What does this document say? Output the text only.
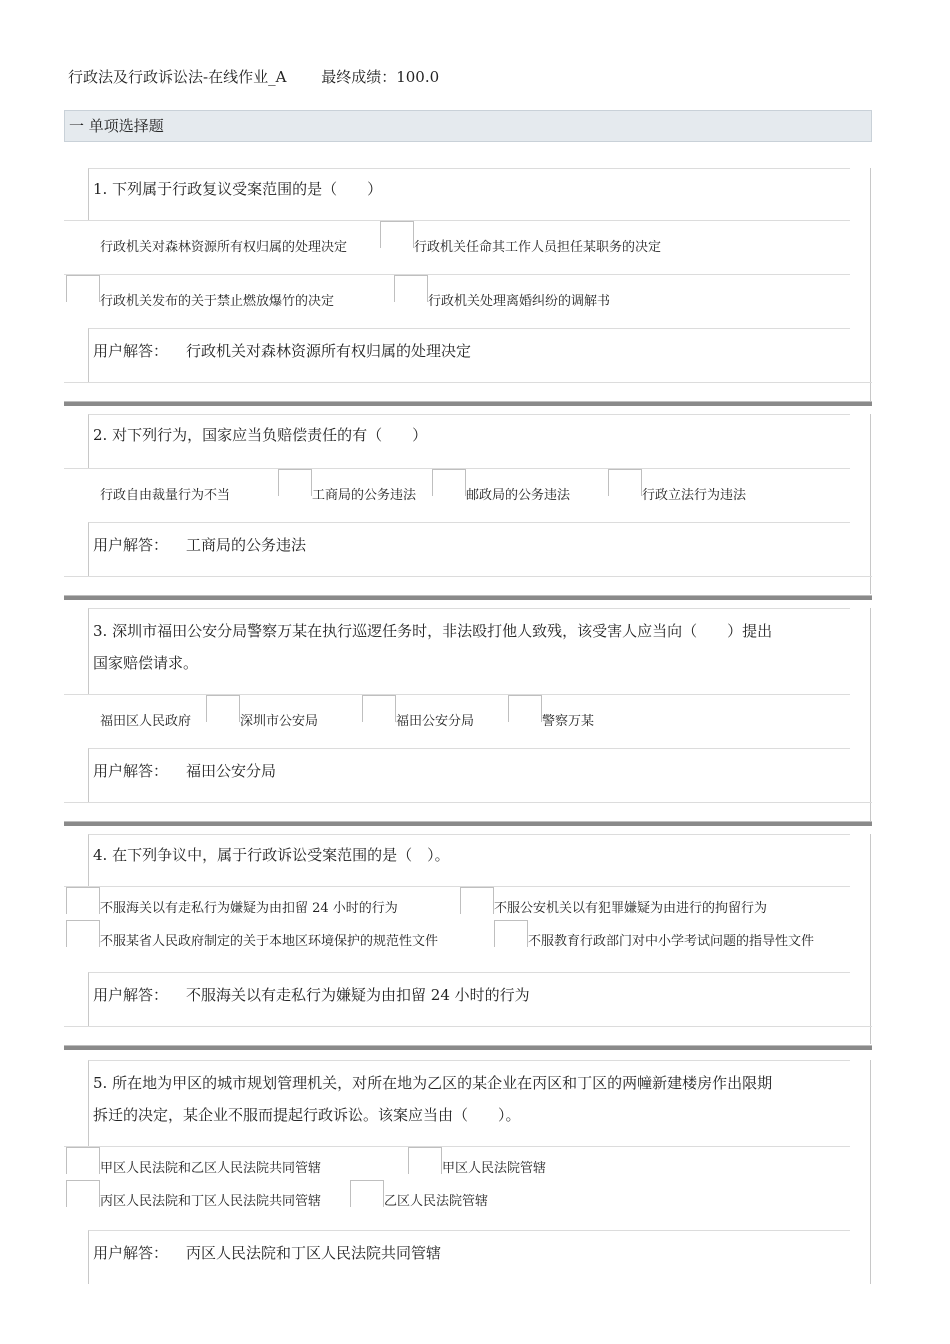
行政法及行政诉讼法-在线作业_A 最终成绩：100.0
一 单项选择题
1. 下列属于行政复议受案范围的是（　　）
行政机关对森林资源所有权归属的处理决定	行政机关任命其工作人员担任某职务的决定
行政机关发布的关于禁止燃放爆竹的决定	行政机关处理离婚纠纷的调解书
用户解答： 行政机关对森林资源所有权归属的处理决定
2. 对下列行为，国家应当负赔偿责任的有（　　）
行政自由裁量行为不当	工商局的公务违法	邮政局的公务违法	行政立法行为违法
用户解答： 工商局的公务违法
3. 深圳市福田公安分局警察万某在执行巡逻任务时，非法殴打他人致残，该受害人应当向（　　）提出
国家赔偿请求。
福田区人民政府	深圳市公安局	福田公安分局	警察万某
用户解答： 福田公安分局
4. 在下列争议中，属于行政诉讼受案范围的是（　）。
不服海关以有走私行为嫌疑为由扣留 24 小时的行为	不服公安机关以有犯罪嫌疑为由进行的拘留行为
不服某省人民政府制定的关于本地区环境保护的规范性文件	不服教育行政部门对中小学考试问题的指导性文件
用户解答： 不服海关以有走私行为嫌疑为由扣留 24 小时的行为
5. 所在地为甲区的城市规划管理机关，对所在地为乙区的某企业在丙区和丁区的两幢新建楼房作出限期
拆迁的决定，某企业不服而提起行政诉讼。该案应当由（　　）。
甲区人民法院和乙区人民法院共同管辖	甲区人民法院管辖
丙区人民法院和丁区人民法院共同管辖	乙区人民法院管辖
用户解答： 丙区人民法院和丁区人民法院共同管辖
